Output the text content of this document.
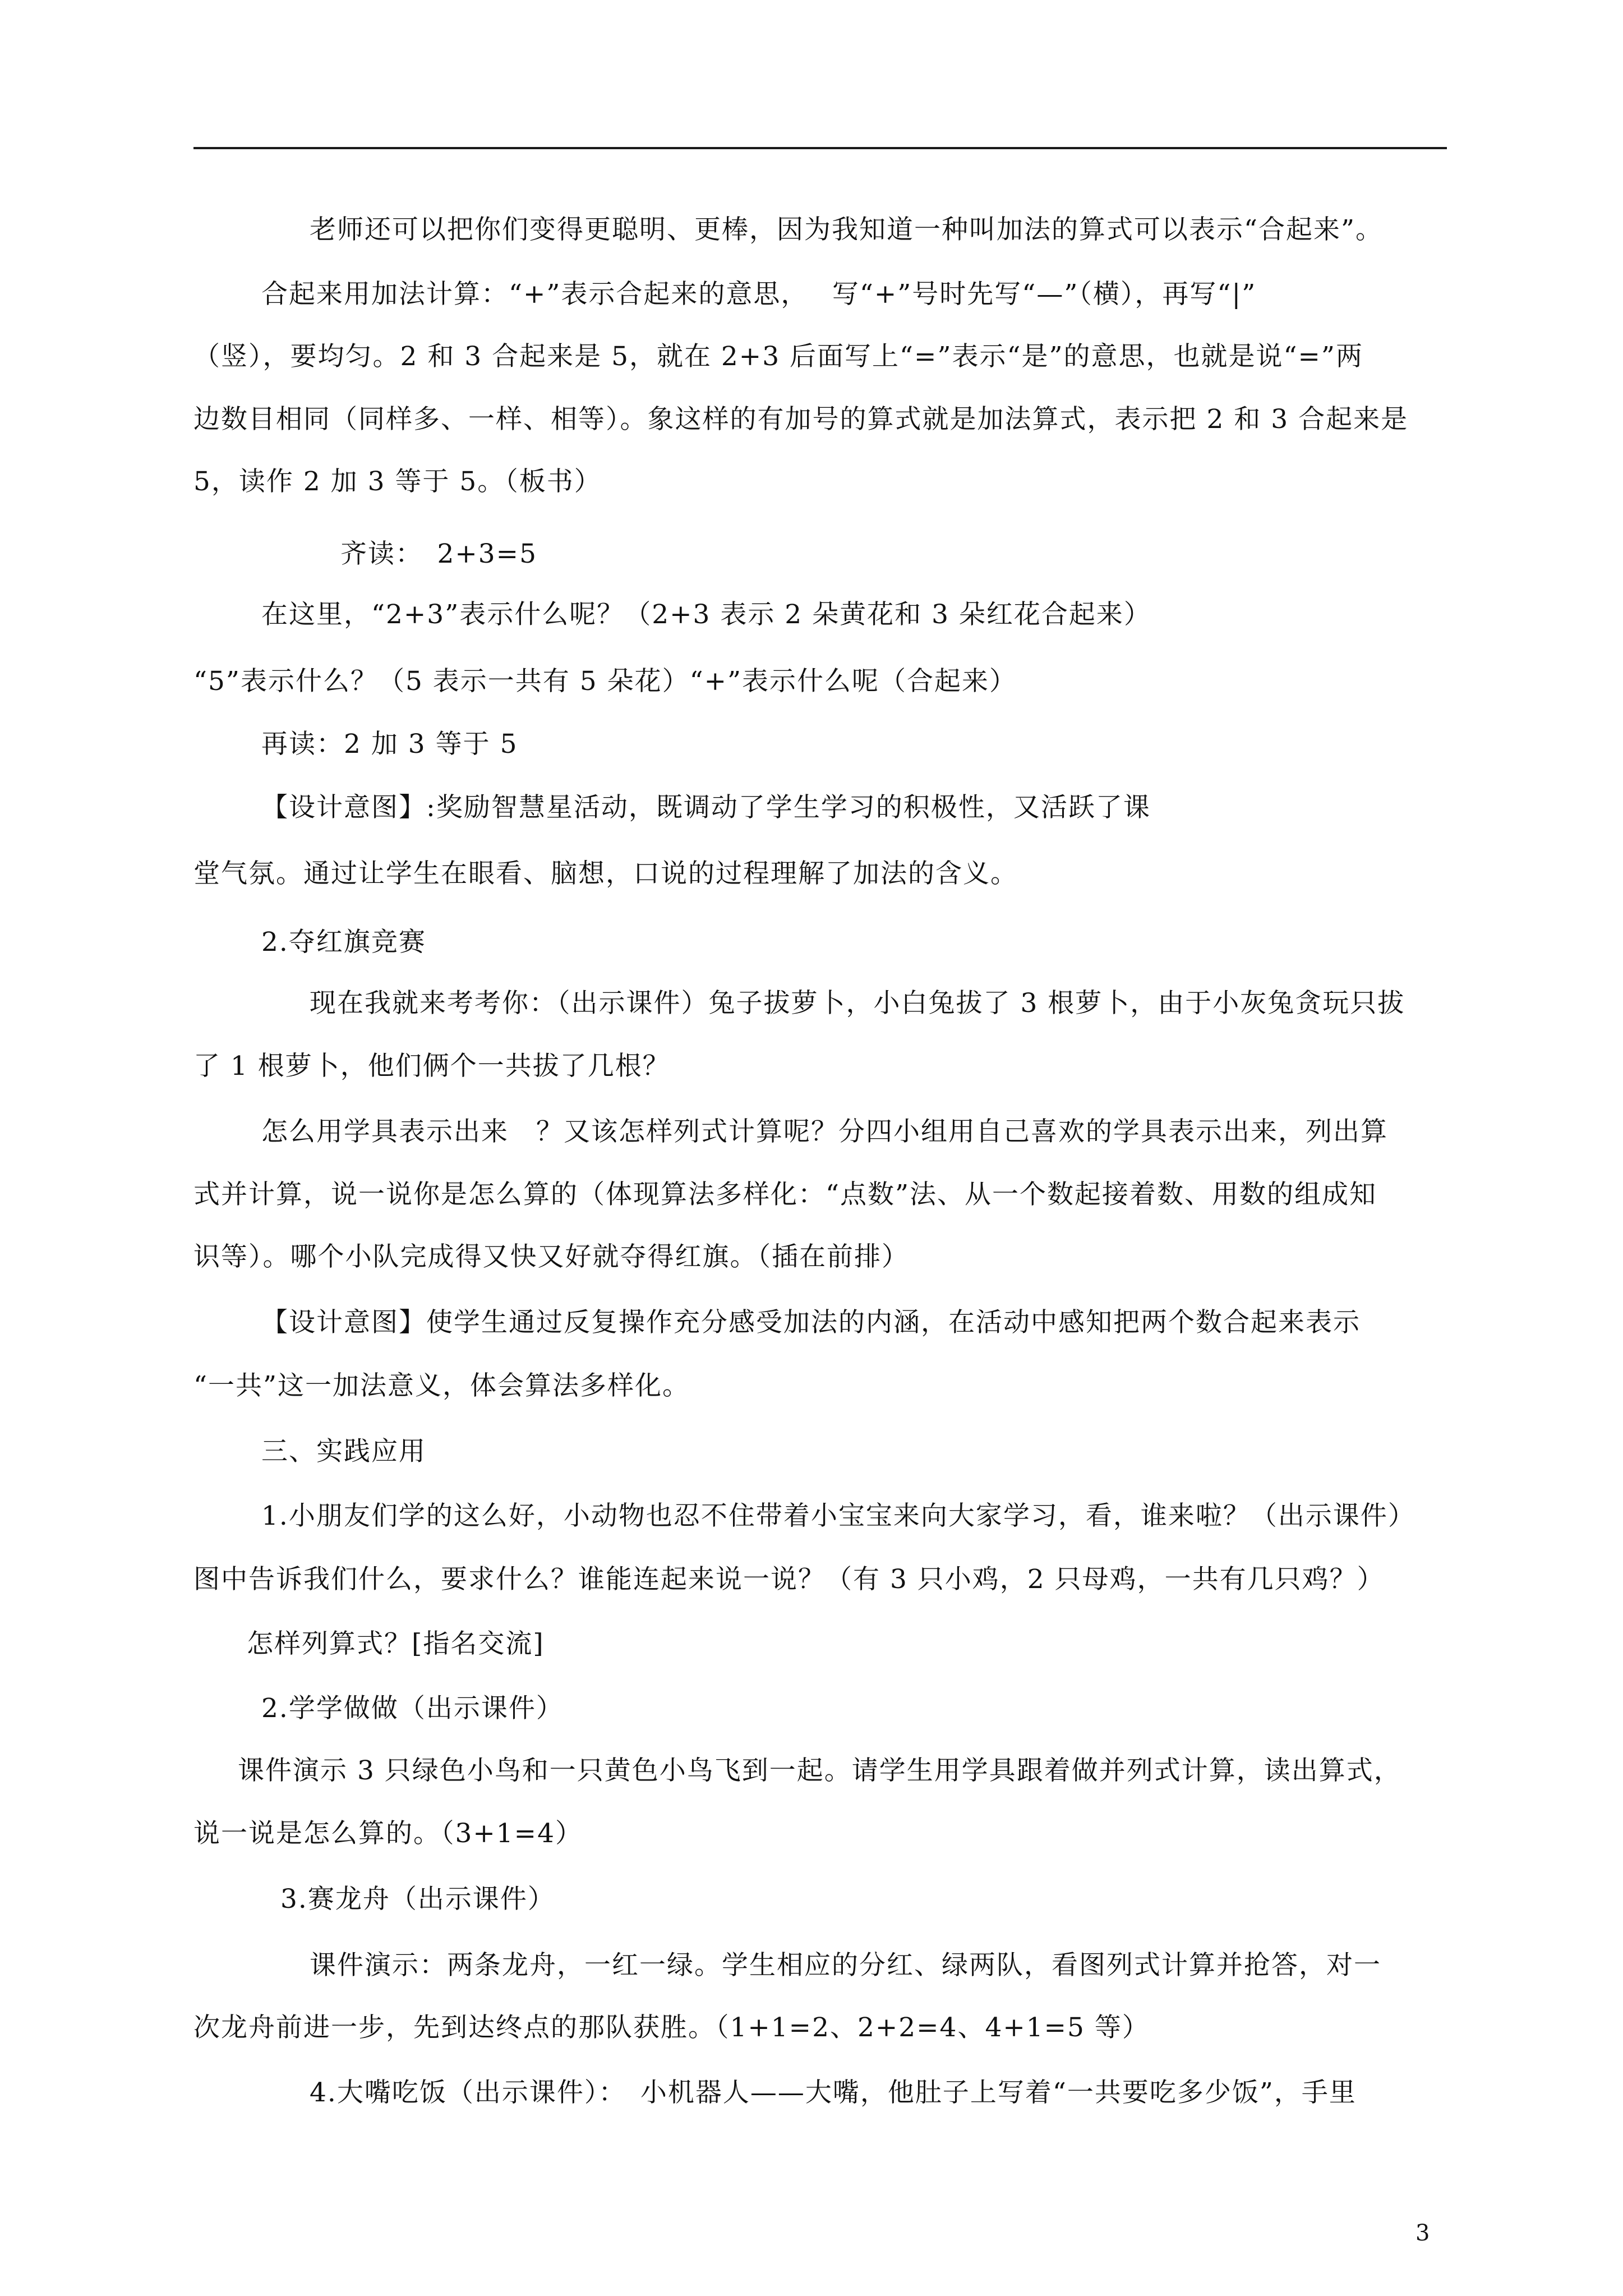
老师还可以把你们变得更聪明、更棒，因为我知道一种叫加法的算式可以表示“合起来”。
合起来用加法计算：“+”表示合起来的意思，　 写“+”号时先写“—”（横），再写“|”
（竖），要均匀。2 和 3 合起来是 5，就在 2+3 后面写上“=”表示“是”的意思，也就是说“=”两
边数目相同（同样多、一样、相等）。象这样的有加号的算式就是加法算式，表示把 2 和 3 合起来是
5，读作 2 加 3 等于 5。（板书）
齐读：　2+3=5
在这里，“2+3”表示什么呢？（2+3 表示 2 朵黄花和 3 朵红花合起来）
“5”表示什么？（5 表示一共有 5 朵花）“+”表示什么呢（合起来）
再读：2 加 3 等于 5
【设计意图】:奖励智慧星活动，既调动了学生学习的积极性，又活跃了课
堂气氛。通过让学生在眼看、脑想，口说的过程理解了加法的含义。
2.夺红旗竞赛
现在我就来考考你：（出示课件）兔子拔萝卜，小白兔拔了 3 根萝卜，由于小灰兔贪玩只拔
了 1 根萝卜，他们俩个一共拔了几根？
怎么用学具表示出来　？又该怎样列式计算呢？分四小组用自己喜欢的学具表示出来，列出算
式并计算，说一说你是怎么算的（体现算法多样化：“点数”法、从一个数起接着数、用数的组成知
识等）。哪个小队完成得又快又好就夺得红旗。（插在前排）
【设计意图】使学生通过反复操作充分感受加法的内涵，在活动中感知把两个数合起来表示
“一共”这一加法意义，体会算法多样化。
三、实践应用
1.小朋友们学的这么好，小动物也忍不住带着小宝宝来向大家学习，看，谁来啦？（出示课件）
图中告诉我们什么，要求什么？谁能连起来说一说？（有 3 只小鸡，2 只母鸡，一共有几只鸡？）
怎样列算式？[指名交流]
2.学学做做（出示课件）
课件演示 3 只绿色小鸟和一只黄色小鸟飞到一起。请学生用学具跟着做并列式计算，读出算式，
说一说是怎么算的。（3+1=4）
3.赛龙舟（出示课件）
课件演示：两条龙舟，一红一绿。学生相应的分红、绿两队，看图列式计算并抢答，对一
次龙舟前进一步，先到达终点的那队获胜。（1+1=2、2+2=4、4+1=5 等）
4.大嘴吃饭（出示课件）：　小机器人——大嘴，他肚子上写着“一共要吃多少饭”，手里
3
